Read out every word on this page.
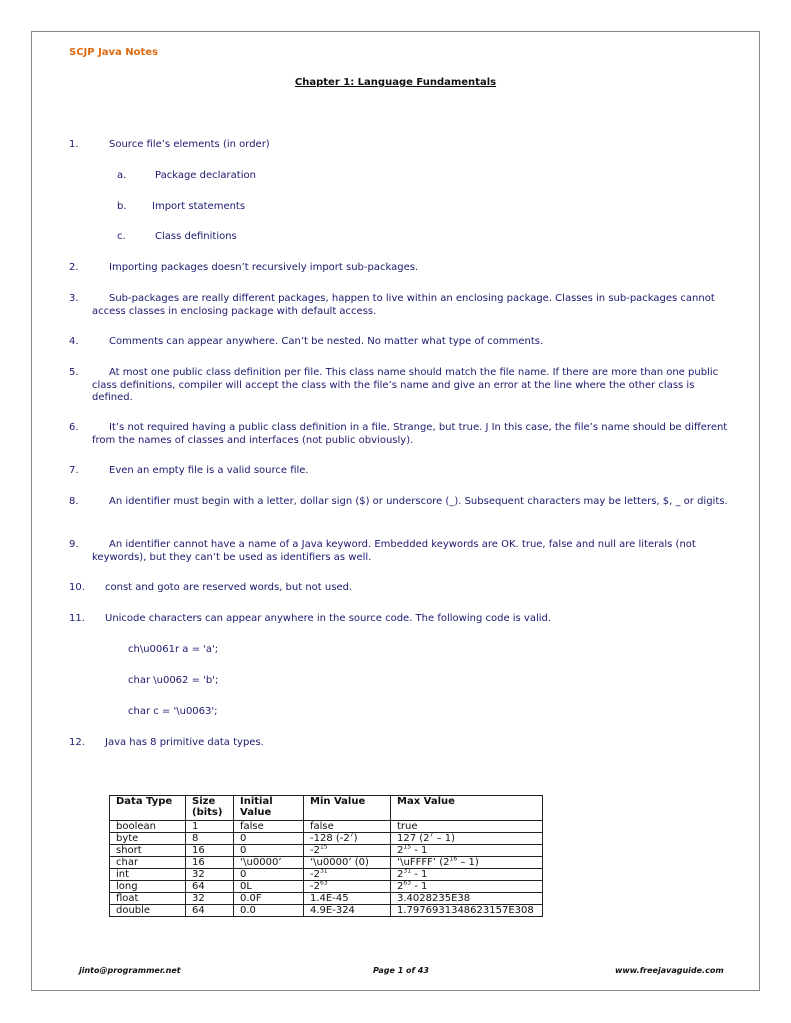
SCJP Java Notes
Chapter 1: Language Fundamentals
1.	Source file’s elements (in order)
a.	Package declaration
b.	Import statements
c.	Class definitions
2.	Importing packages doesn’t recursively import sub-packages.
3.	Sub-packages are really different packages, happen to live within an enclosing package. Classes in sub-packages cannot access classes in enclosing package with default access.
4.	Comments can appear anywhere. Can’t be nested. No matter what type of comments.
5.	At most one public class definition per file. This class name should match the file name. If there are more than one public class definitions, compiler will accept the class with the file’s name and give an error at the line where the other class is defined.
6.	It’s not required having a public class definition in a file. Strange, but true. J In this case, the file’s name should be different from the names of classes and interfaces (not public obviously).
7.	Even an empty file is a valid source file.
8.	An identifier must begin with a letter, dollar sign ($) or underscore (_). Subsequent characters may be letters, $, _ or digits.
9.	An identifier cannot have a name of a Java keyword. Embedded keywords are OK. true, false and null are literals (not keywords), but they can’t be used as identifiers as well.
10. const and goto are reserved words, but not used.
11. Unicode characters can appear anywhere in the source code. The following code is valid.
ch\u0061r a = 'a';
char \u0062 = 'b';
char c = '\u0063';
12. Java has 8 primitive data types.
Data Type	Size (bits)	Initial Value	Min Value	Max Value
boolean	1	false	false	true
byte	8	0	-128 $(-2^7)$	127 $(2^7 - 1)$
short	16	0	$-2^{15}$	$2^{15} - 1$
char	16	‘\u0000’	‘\u0000’ (0)	‘\uFFFF’ $(2^{16} - 1)$
int	32	0	$-2^{31}$	$2^{31} - 1$
long	64	0L	$-2^{63}$	$2^{63} - 1$
float	32	0.0F	1.4E-45	3.4028235E38
double	64	0.0	4.9E-324	1.7976931348623157E308
jinto@programmer.net	Page 1 of 43	www.freejavaguide.com
